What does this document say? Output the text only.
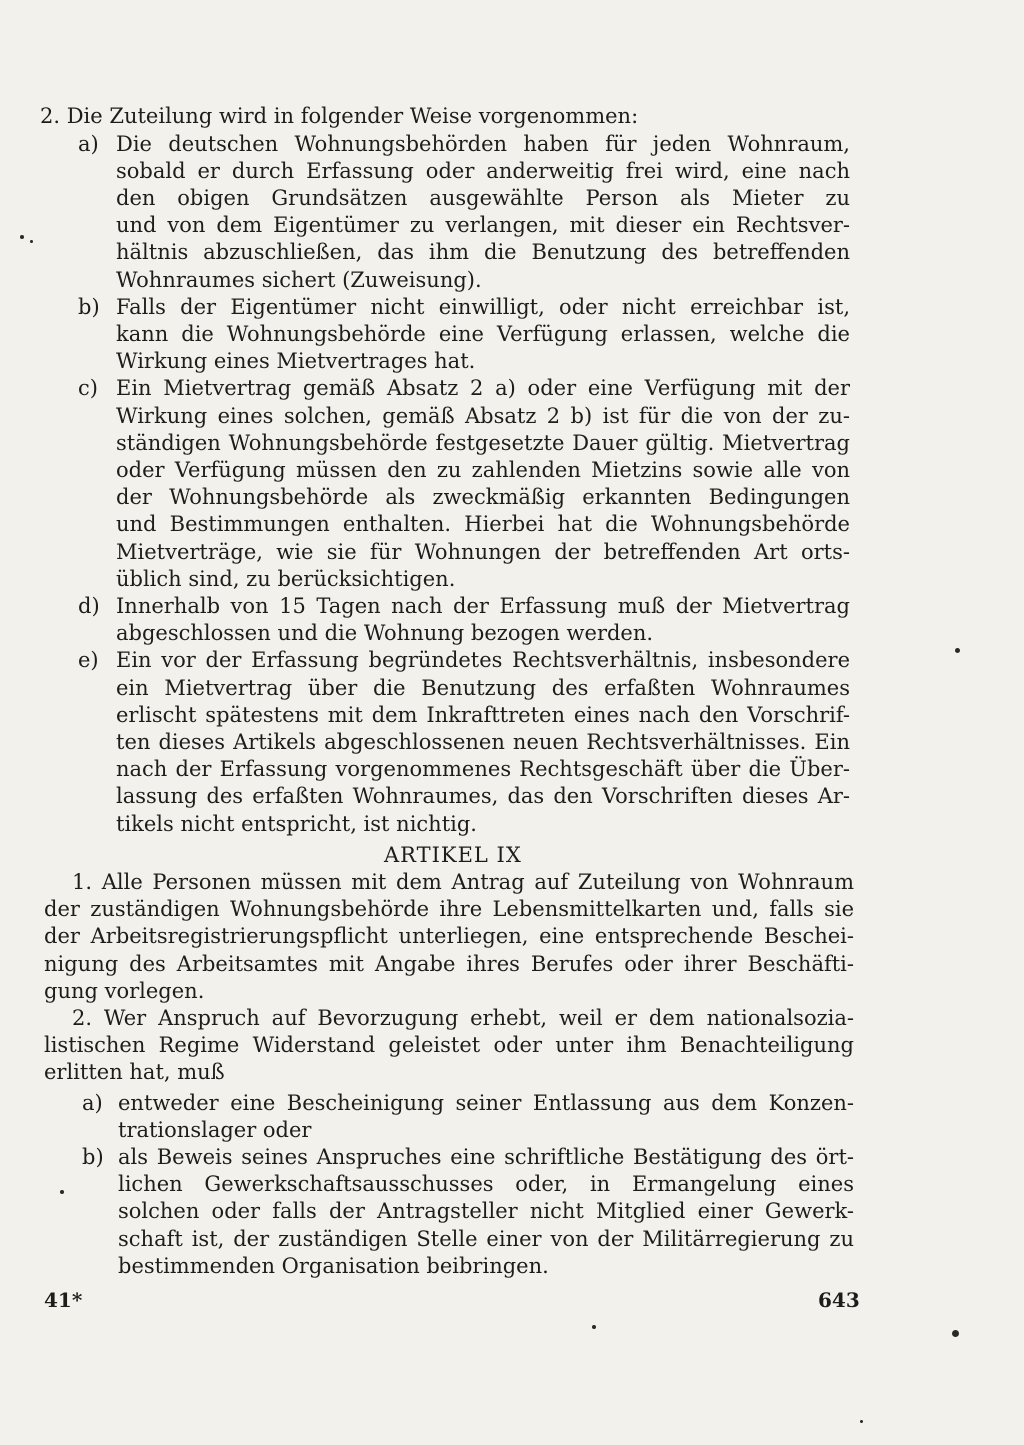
2. Die Zuteilung wird in folgender Weise vorgenommen:
a) Die deutschen Wohnungsbehörden haben für jeden Wohnraum,
sobald er durch Erfassung oder anderweitig frei wird, eine nach
den obigen Grundsätzen ausgewählte Person als Mieter zu
und von dem Eigentümer zu verlangen, mit dieser ein Rechtsver-
hältnis abzuschließen, das ihm die Benutzung des betreffenden
Wohnraumes sichert (Zuweisung).
b) Falls der Eigentümer nicht einwilligt, oder nicht erreichbar ist,
kann die Wohnungsbehörde eine Verfügung erlassen, welche die
Wirkung eines Mietvertrages hat.
c) Ein Mietvertrag gemäß Absatz 2 a) oder eine Verfügung mit der
Wirkung eines solchen, gemäß Absatz 2 b) ist für die von der zu-
ständigen Wohnungsbehörde festgesetzte Dauer gültig. Mietvertrag
oder Verfügung müssen den zu zahlenden Mietzins sowie alle von
der Wohnungsbehörde als zweckmäßig erkannten Bedingungen
und Bestimmungen enthalten. Hierbei hat die Wohnungsbehörde
Mietverträge, wie sie für Wohnungen der betreffenden Art orts-
üblich sind, zu berücksichtigen.
d) Innerhalb von 15 Tagen nach der Erfassung muß der Mietvertrag
abgeschlossen und die Wohnung bezogen werden.
e) Ein vor der Erfassung begründetes Rechtsverhältnis, insbesondere
ein Mietvertrag über die Benutzung des erfaßten Wohnraumes
erlischt spätestens mit dem Inkrafttreten eines nach den Vorschrif-
ten dieses Artikels abgeschlossenen neuen Rechtsverhältnisses. Ein
nach der Erfassung vorgenommenes Rechtsgeschäft über die Über-
lassung des erfaßten Wohnraumes, das den Vorschriften dieses Ar-
tikels nicht entspricht, ist nichtig.
ARTIKEL IX
1. Alle Personen müssen mit dem Antrag auf Zuteilung von Wohnraum
der zuständigen Wohnungsbehörde ihre Lebensmittelkarten und, falls sie
der Arbeitsregistrierungspflicht unterliegen, eine entsprechende Beschei-
nigung des Arbeitsamtes mit Angabe ihres Berufes oder ihrer Beschäfti-
gung vorlegen.
2. Wer Anspruch auf Bevorzugung erhebt, weil er dem nationalsozia-
listischen Regime Widerstand geleistet oder unter ihm Benachteiligung
erlitten hat, muß
a) entweder eine Bescheinigung seiner Entlassung aus dem Konzen-
trationslager oder
b) als Beweis seines Anspruches eine schriftliche Bestätigung des ört-
lichen Gewerkschaftsausschusses oder, in Ermangelung eines
solchen oder falls der Antragsteller nicht Mitglied einer Gewerk-
schaft ist, der zuständigen Stelle einer von der Militärregierung zu
bestimmenden Organisation beibringen.
41*	643
